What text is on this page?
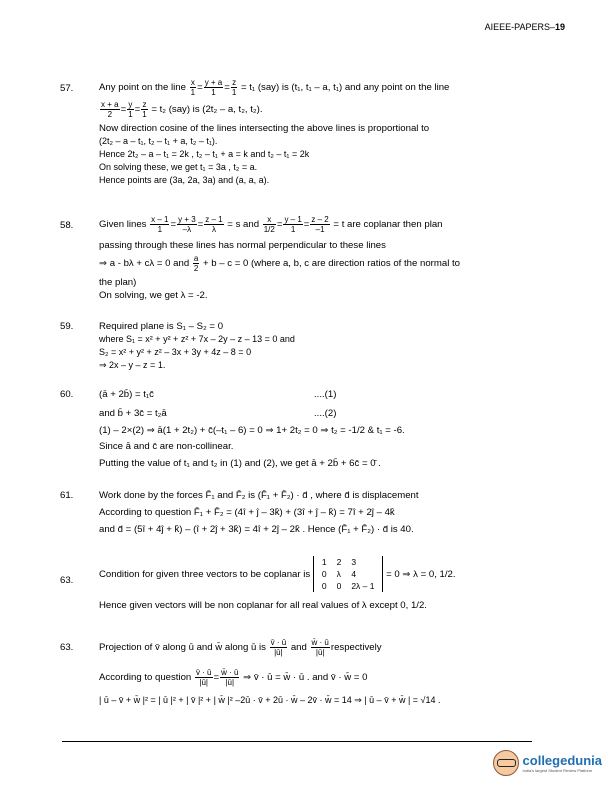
AIEEE-PAPERS–19
57.	Any point on the line $\frac{x}{1} = \frac{y + a}{1} = \frac{z}{1} = t_1$ (say) is (t₁, t₁ – a, t₁) and any point on the line
$\frac{x + a}{2} = \frac{y}{1} = \frac{z}{1} = t_2$ (say) is (2t₂ – a, t₂, t₂).
Now direction cosine of the lines intersecting the above lines is proportional to
(2t₂ – a – t₁, t₂ – t₁ + a, t₂ – t₁).
Hence 2t₂ – a – t₁ = 2k , t₂ – t₁ + a = k and t₂ – t₁ = 2k
On solving these, we get t₁ = 3a , t₂ = a.
Hence points are (3a, 2a, 3a) and (a, a, a).
58.	Given lines $\frac{x - 1}{1} = \frac{y + 3}{-\lambda} = \frac{z - 1}{\lambda} = s$ and $\frac{x}{1/2} = \frac{y - 1}{1} = \frac{z - 2}{-1} = t$ are coplanar then plan
passing through these lines has normal perpendicular to these lines
⇒ a - bλ + cλ = 0 and $\frac{a}{2} + b - c = 0$ (where a, b, c are direction ratios of the normal to
the plan)
On solving, we get λ = -2.
59.	Required plane is S₁ – S₂ = 0
where S₁ = x² + y² + z² + 7x – 2y – z – 13 = 0 and
S₂ = x² + y² + z² – 3x + 3y + 4z – 8 = 0
⇒ 2x – y – z = 1.
60.	(ā + 2b̄) = t₁c̄	....(1)
and b̄ + 3c̄ = t₂ā	....(2)
(1) – 2×(2) ⇒ ā(1 + 2t₂) + c̄(–t₁ – 6) = 0 ⇒ 1+ 2t₂ = 0 ⇒ t₂ = -1/2 & t₁ = -6.
Since ā and c̄ are non-collinear.
Putting the value of t₁ and t₂ in (1) and (2), we get ā + 2b̄ + 6c̄ = 0̄ .
61.	Work done by the forces F̄₁ and F̄₂ is (F̄₁ + F̄₂) · d̄ , where d̄ is displacement
According to question F̄₁ + F̄₂ = (4î + ĵ – 3k̂) + (3î + ĵ – k̂) = 7î + 2ĵ – 4k̂
and d̄ = (5î + 4ĵ + k̂) – (î + 2ĵ + 3k̂) = 4î + 2ĵ – 2k̂ . Hence (F̄₁ + F̄₂) · d̄ is 40.
63.
Condition for given three vectors to be coplanar is
1	2	3
0	λ	4
0	0	2λ – 1
= 0 ⇒ λ = 0, 1/2.
Hence given vectors will be non coplanar for all real values of λ except 0, 1/2.
63.	Projection of v̄ along ū and w̄ along ū is $\frac{v̄ \cdot ū}{|ū|}$ and $\frac{w̄ \cdot ū}{|ū|}$ respectively
According to question $\frac{v̄ \cdot ū}{|ū|} = \frac{w̄ \cdot ū}{|ū|}$ ⇒ v̄ · ū = w̄ · ū . and v̄ · w̄ = 0
| ū – v̄ + w̄ |² = | ū |² + | v̄ |² + | w̄ |² –2ū · v̄ + 2ū · w̄ – 2v̄ · w̄ = 14 ⇒ | ū – v̄ + w̄ | = √14 .
collegedunia
India's largest Student Review Platform
